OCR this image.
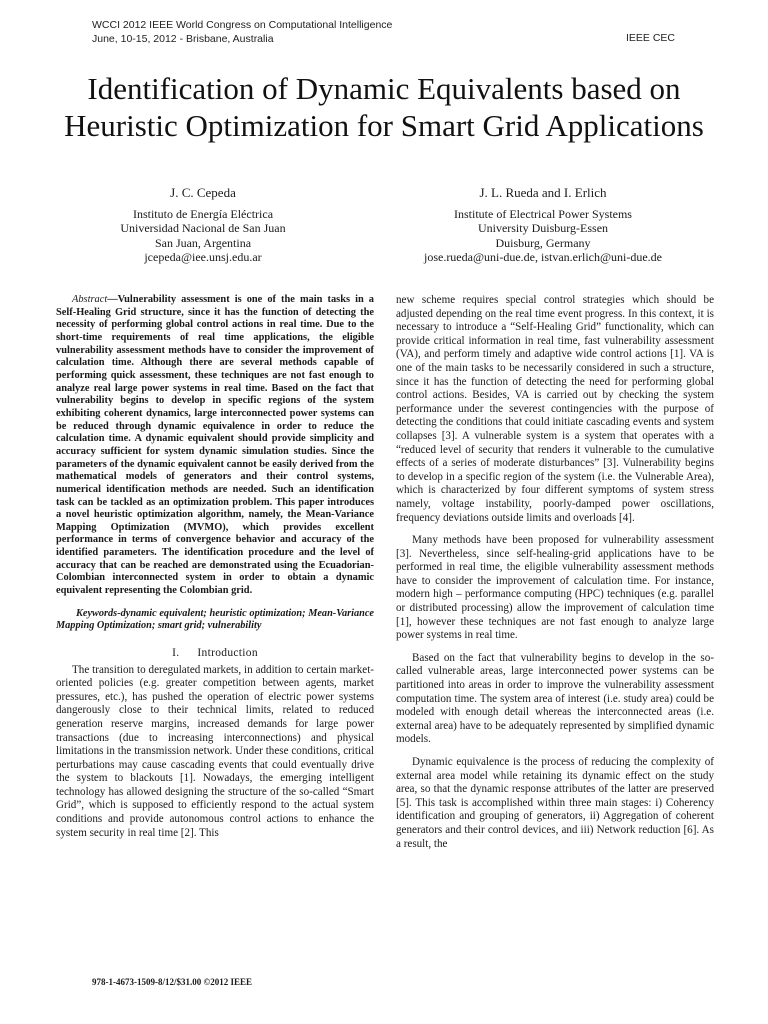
WCCI 2012 IEEE World Congress on Computational Intelligence
June, 10-15, 2012 - Brisbane, Australia	IEEE CEC
Identification of Dynamic Equivalents based on
Heuristic Optimization for Smart Grid Applications
J. C. Cepeda
Instituto de Energía Eléctrica
Universidad Nacional de San Juan
San Juan, Argentina
jcepeda@iee.unsj.edu.ar
J. L. Rueda and I. Erlich
Institute of Electrical Power Systems
University Duisburg-Essen
Duisburg, Germany
jose.rueda@uni-due.de, istvan.erlich@uni-due.de

Abstract—Vulnerability assessment is one of the main tasks in a Self-Healing Grid structure, since it has the function of detecting the necessity of performing global control actions in real time. Due to the short-time requirements of real time applications, the eligible vulnerability assessment methods have to consider the improvement of calculation time. Although there are several methods capable of performing quick assessment, these techniques are not fast enough to analyze real large power systems in real time. Based on the fact that vulnerability begins to develop in specific regions of the system exhibiting coherent dynamics, large interconnected power systems can be reduced through dynamic equivalence in order to reduce the calculation time. A dynamic equivalent should provide simplicity and accuracy sufficient for system dynamic simulation studies. Since the parameters of the dynamic equivalent cannot be easily derived from the mathematical models of generators and their control systems, numerical identification methods are needed. Such an identification task can be tackled as an optimization problem. This paper introduces a novel heuristic optimization algorithm, namely, the Mean-Variance Mapping Optimization (MVMO), which provides excellent performance in terms of convergence behavior and accuracy of the identified parameters. The identification procedure and the level of accuracy that can be reached are demonstrated using the Ecuadorian-Colombian interconnected system in order to obtain a dynamic equivalent representing the Colombian grid.

Keywords-dynamic equivalent; heuristic optimization; Mean-Variance Mapping Optimization; smart grid; vulnerability

I. Introduction

The transition to deregulated markets, in addition to certain market-oriented policies (e.g. greater competition between agents, market pressures, etc.), has pushed the operation of electric power systems dangerously close to their technical limits, related to reduced generation reserve margins, increased demands for large power transactions (due to increasing interconnections) and physical limitations in the transmission network. Under these conditions, critical perturbations may cause cascading events that could eventually drive the system to blackouts [1]. Nowadays, the emerging intelligent technology has allowed designing the structure of the so-called “Smart Grid”, which is supposed to efficiently respond to the actual system conditions and provide autonomous control actions to enhance the system security in real time [2]. This

new scheme requires special control strategies which should be adjusted depending on the real time event progress. In this context, it is necessary to introduce a “Self-Healing Grid” functionality, which can provide critical information in real time, fast vulnerability assessment (VA), and perform timely and adaptive wide control actions [1]. VA is one of the main tasks to be necessarily considered in such a structure, since it has the function of detecting the need for performing global control actions. Besides, VA is carried out by checking the system performance under the severest contingencies with the purpose of detecting the conditions that could initiate cascading events and system collapses [3]. A vulnerable system is a system that operates with a “reduced level of security that renders it vulnerable to the cumulative effects of a series of moderate disturbances” [3]. Vulnerability begins to develop in a specific region of the system (i.e. the Vulnerable Area), which is characterized by four different symptoms of system stress namely, voltage instability, poorly-damped power oscillations, frequency deviations outside limits and overloads [4].

Many methods have been proposed for vulnerability assessment [3]. Nevertheless, since self-healing-grid applications have to be performed in real time, the eligible vulnerability assessment methods have to consider the improvement of calculation time. For instance, modern high – performance computing (HPC) techniques (e.g. parallel or distributed processing) allow the improvement of calculation time [1], however these techniques are not fast enough to analyze large power systems in real time.

Based on the fact that vulnerability begins to develop in the so-called vulnerable areas, large interconnected power systems can be partitioned into areas in order to improve the vulnerability assessment computation time. The system area of interest (i.e. study area) could be modeled with enough detail whereas the interconnected areas (i.e. external area) have to be adequately represented by simplified dynamic models.

Dynamic equivalence is the process of reducing the complexity of external area model while retaining its dynamic effect on the study area, so that the dynamic response attributes of the latter are preserved [5]. This task is accomplished within three main stages: i) Coherency identification and grouping of generators, ii) Aggregation of coherent generators and their control devices, and iii) Network reduction [6]. As a result, the

978-1-4673-1509-8/12/$31.00 ©2012 IEEE
